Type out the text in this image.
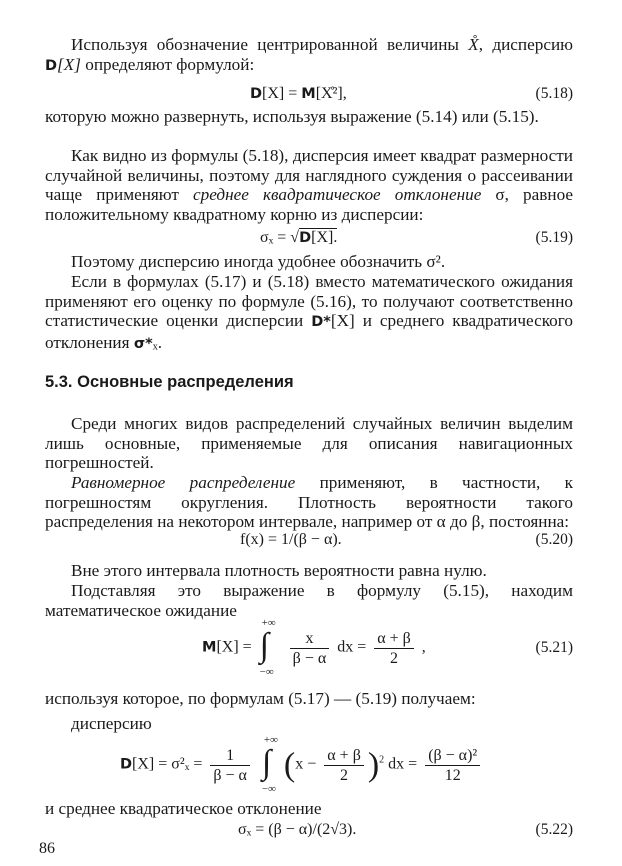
Используя обозначение центрированной величины X̊, дисперсию D[X] определяют формулой:

D[X] = M[X̊²],	(5.18)

которую можно развернуть, используя выражение (5.14) или (5.15).

Как видно из формулы (5.18), дисперсия имеет квадрат размерности случайной величины, поэтому для наглядного суждения о рассеивании чаще применяют среднее квадратическое отклонение σ, равное положительному квадратному корню из дисперсии:

σₓ = √D[X].	(5.19)

Поэтому дисперсию иногда удобнее обозначить σ².

Если в формулах (5.17) и (5.18) вместо математического ожидания применяют его оценку по формуле (5.16), то получают соответственно статистические оценки дисперсии D*[X] и среднего квадратического отклонения σ*ₓ.

5.3. Основные распределения

Среди многих видов распределений случайных величин выделим лишь основные, применяемые для описания навигационных погрешностей.

Равномерное распределение применяют, в частности, к погрешностям округления. Плотность вероятности такого распределения на некотором интервале, например от α до β, постоянна:

f(x) = 1/(β − α).	(5.20)

Вне этого интервала плотность вероятности равна нулю.

Подставляя это выражение в формулу (5.15), находим математическое ожидание

M[X] =
+∞
∫
−∞

$\frac{x}{\beta - \alpha}$ dx = $\frac{\alpha + \beta}{2}$ ,	(5.21)

используя которое, по формулам (5.17) — (5.19) получаем:

дисперсию

$D[X] = \sigma^2_x = \frac{1}{\beta - \alpha}$

+∞
∫
−∞
$(x - \frac{\alpha + \beta}{2} )^2$ dx = $\frac{\text{(β − α)²}}{12}$

и среднее квадратическое отклонение

σₓ = (β − α)/(2√3).	(5.22)
86
